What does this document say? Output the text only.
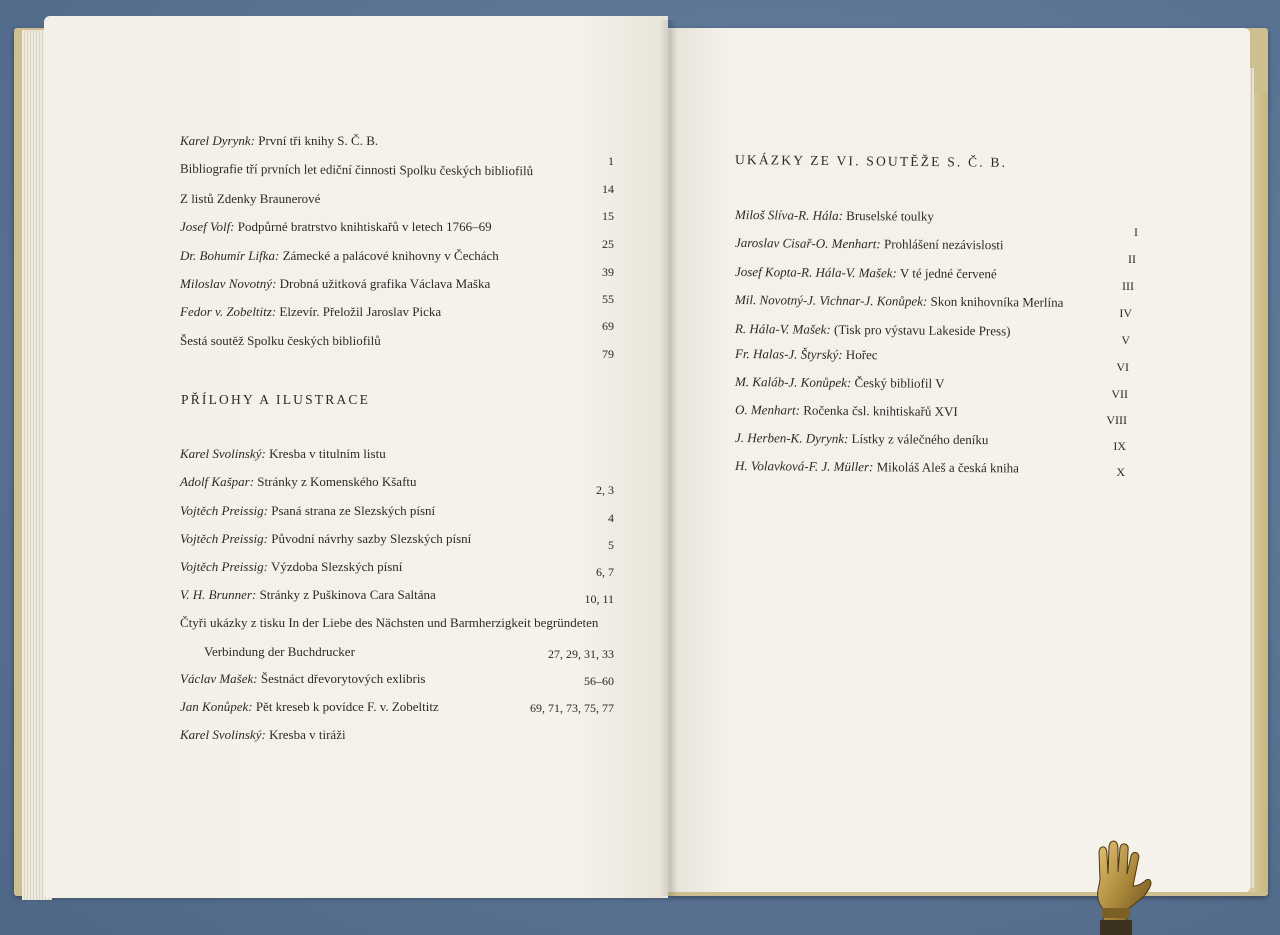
Karel Dyrynk: První tři knihy S. Č. B.
Bibliografie tří prvních let ediční činnosti Spolku českých bibliofilů
Z listů Zdenky Braunerové
Josef Volf: Podpůrné bratrstvo knihtiskařů v letech 1766–69
Dr. Bohumír Lifka: Zámecké a palácové knihovny v Čechách
Miloslav Novotný: Drobná užitková grafika Václava Maška
Fedor v. Zobeltitz: Elzevír. Přeložil Jaroslav Picka
Šestá soutěž Spolku českých bibliofilů
1
14
15
25
39
55
69
79
PŘÍLOHY A ILUSTRACE
Karel Svolinský: Kresba v titulním listu
Adolf Kašpar: Stránky z Komenského Kšaftu
Vojtěch Preissig: Psaná strana ze Slezských písní
Vojtěch Preissig: Původní návrhy sazby Slezských písní
Vojtěch Preissig: Výzdoba Slezských písní
V. H. Brunner: Stránky z Puškinova Cara Saltána
Čtyři ukázky z tisku In der Liebe des Nächsten und Barmherzigkeit begründeten
Verbindung der Buchdrucker
Václav Mašek: Šestnáct dřevorytových exlibris
Jan Konůpek: Pět kreseb k povídce F. v. Zobeltitz
Karel Svolinský: Kresba v tiráži
2, 3
4
5
6, 7
10, 11
27, 29, 31, 33
56–60
69, 71, 73, 75, 77
UKÁZKY ZE VI. SOUTĚŽE S. Č. B.
Miloš Slíva-R. Hála: Bruselské toulky
Jaroslav Cisař-O. Menhart: Prohlášení nezávislosti
Josef Kopta-R. Hála-V. Mašek: V té jedné červené
Mil. Novotný-J. Vichnar-J. Konůpek: Skon knihovníka Merlína
R. Hála-V. Mašek: (Tisk pro výstavu Lakeside Press)
Fr. Halas-J. Štyrský: Hořec
M. Kaláb-J. Konůpek: Český bibliofil V
O. Menhart: Ročenka čsl. knihtiskařů XVI
J. Herben-K. Dyrynk: Lístky z válečného deníku
H. Volavková-F. J. Müller: Mikoláš Aleš a česká kniha
I
II
III
IV
V
VI
VII
VIII
IX
X
